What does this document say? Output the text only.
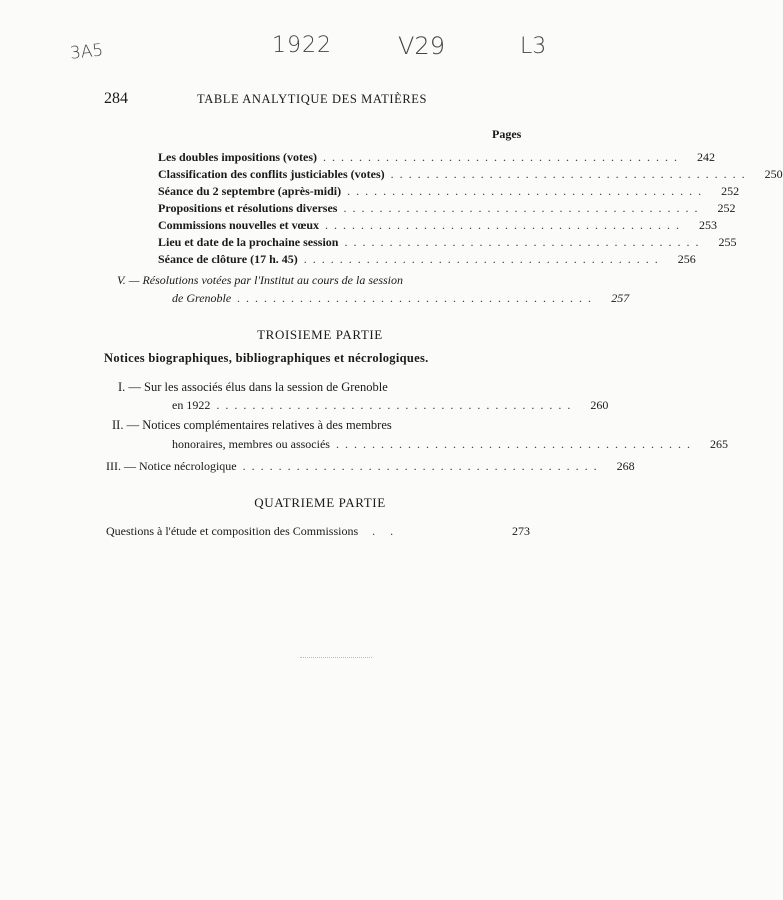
3A5	1922	V29	L3
284	TABLE ANALYTIQUE DES MATIÈRES
Pages
Les doubles impositions (votes) ........................................	242
Classification des conflits justiciables (votes) ........................................	250
Séance du 2 septembre (après-midi) ........................................	252
Propositions et résolutions diverses ........................................	252
Commissions nouvelles et vœux ........................................	253
Lieu et date de la prochaine session ........................................	255
Séance de clôture (17 h. 45) ........................................	256
V. — Résolutions votées par l'Institut au cours de la session
de Grenoble ........................................	257
TROISIEME PARTIE
Notices biographiques, bibliographiques et nécrologiques.
I. — Sur les associés élus dans la session de Grenoble
en 1922 ........................................	260
II. — Notices complémentaires relatives à des membres
honoraires, membres ou associés ........................................	265
III. — Notice nécrologique ........................................	268
QUATRIEME PARTIE
Questions à l'étude et composition des Commissions	. .	273
